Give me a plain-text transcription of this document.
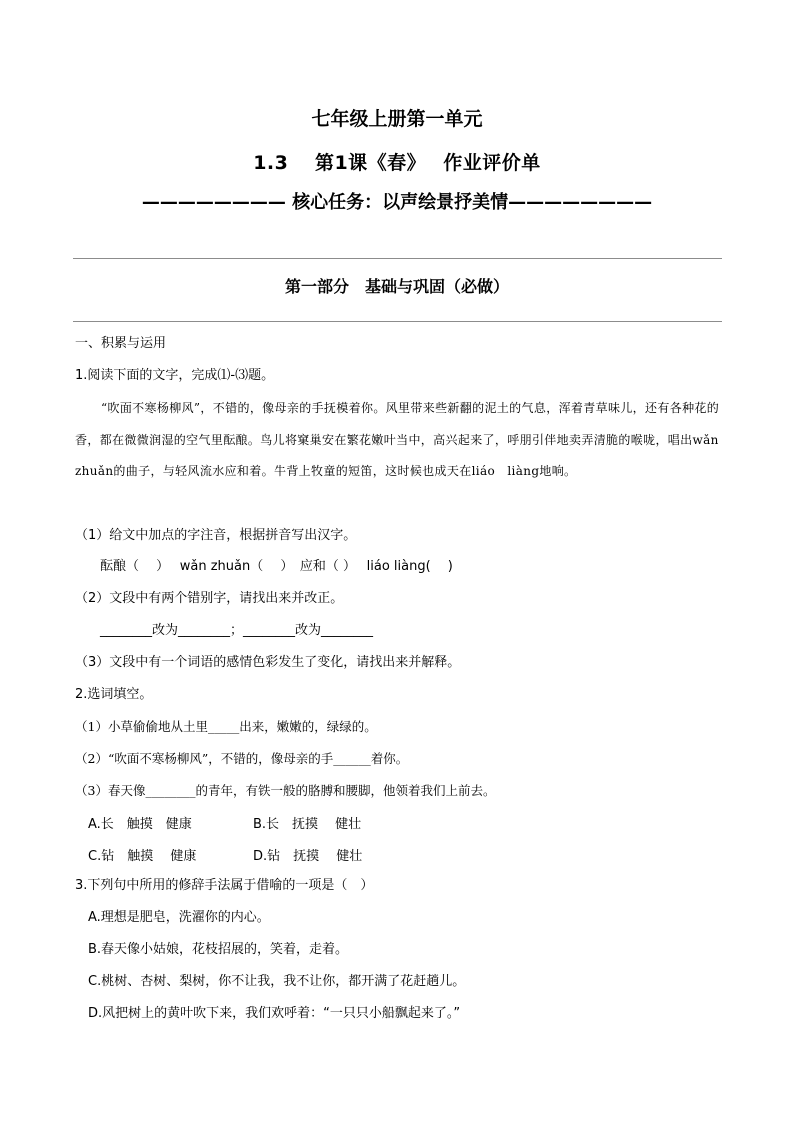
七年级上册第一单元
1.3　 第1课《春》　 作业评价单
———————— 核心任务：以声绘景抒美情————————
第一部分　基础与巩固（必做）
一、积累与运用
1.阅读下面的文字，完成⑴-⑶题。
“吹面不寒杨柳风”，不错的，像母亲的手抚模着你。风里带来些新翻的泥土的气息，浑着青草味儿，还有各种花的香，都在微微润湿的空气里酝酿。鸟儿将窠巢安在繁花嫩叶当中，高兴起来了，呼朋引伴地卖弄清脆的喉咙，唱出wǎn　zhuǎn的曲子，与轻风流水应和着。牛背上牧童的短笛，这时候也成天在liáo　liàng地响。
（1）给文中加点的字注音，根据拼音写出汉字。
酝酿（　 ）　 wǎn zhuǎn（　 ）　应和（ ）　 liáo liàng(　 )
（2）文段中有两个错别字，请找出来并改正。
________改为________；________改为________
（3）文段中有一个词语的感情色彩发生了变化，请找出来并解释。
2.选词填空。
（1）小草偷偷地从土里_____出来，嫩嫩的，绿绿的。
（2）“吹面不寒杨柳风”，不错的，像母亲的手______着你。
（3）春天像________的青年，有铁一般的胳膊和腰脚，他领着我们上前去。
A.长　触摸　健康	B.长　抚摸　 健壮
C.钻　触摸　 健康	D.钻　抚摸　 健壮
3.下列句中所用的修辞手法属于借喻的一项是（　）
A.理想是肥皂，洗濯你的内心。
B.春天像小姑娘，花枝招展的，笑着，走着。
C.桃树、杏树、梨树，你不让我，我不让你，都开满了花赶趟儿。
D.风把树上的黄叶吹下来，我们欢呼着：“一只只小船飘起来了。”
